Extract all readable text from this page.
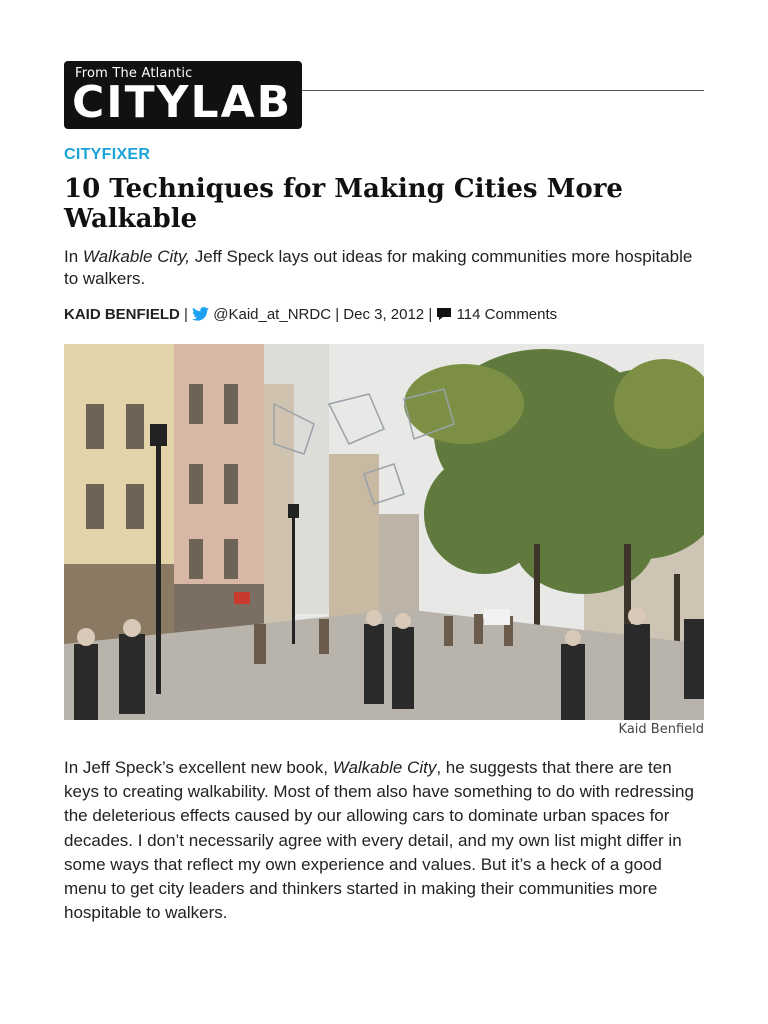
From The Atlantic
CITYLAB
CITYFIXER
10 Techniques for Making Cities More Walkable
In Walkable City, Jeff Speck lays out ideas for making communities more hospitable to walkers.
KAID BENFIELD |  @Kaid_at_NRDC | Dec 3, 2012 |  114 Comments
Kaid Benfield

In Jeff Speck’s excellent new book, Walkable City, he suggests that there are ten keys to creating walkability. Most of them also have something to do with redressing the deleterious effects caused by our allowing cars to dominate urban spaces for decades. I don’t necessarily agree with every detail, and my own list might differ in some ways that reflect my own experience and values. But it’s a heck of a good menu to get city leaders and thinkers started in making their communities more hospitable to walkers.
